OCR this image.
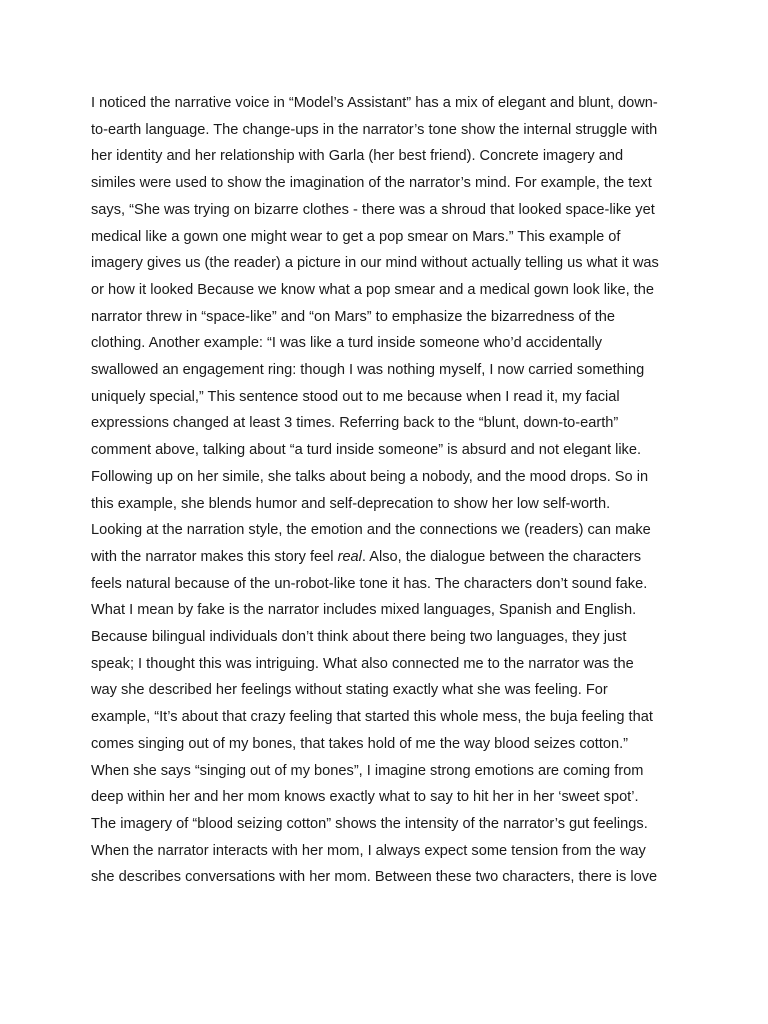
I noticed the narrative voice in “Model’s Assistant” has a mix of elegant and blunt, down-
to-earth language. The change-ups in the narrator’s tone show the internal struggle with
her identity and her relationship with Garla (her best friend). Concrete imagery and
similes were used to show the imagination of the narrator’s mind. For example, the text
says, “She was trying on bizarre clothes - there was a shroud that looked space-like yet
medical like a gown one might wear to get a pop smear on Mars.” This example of
imagery gives us (the reader) a picture in our mind without actually telling us what it was
or how it looked Because we know what a pop smear and a medical gown look like, the
narrator threw in “space-like” and “on Mars” to emphasize the bizarredness of the
clothing. Another example: “I was like a turd inside someone who’d accidentally
swallowed an engagement ring: though I was nothing myself, I now carried something
uniquely special,” This sentence stood out to me because when I read it, my facial
expressions changed at least 3 times. Referring back to the “blunt, down-to-earth”
comment above, talking about “a turd inside someone” is absurd and not elegant like.
Following up on her simile, she talks about being a nobody, and the mood drops. So in
this example, she blends humor and self-deprecation to show her low self-worth.
Looking at the narration style, the emotion and the connections we (readers) can make
with the narrator makes this story feel real. Also, the dialogue between the characters
feels natural because of the un-robot-like tone it has. The characters don’t sound fake.
What I mean by fake is the narrator includes mixed languages, Spanish and English.
Because bilingual individuals don’t think about there being two languages, they just
speak; I thought this was intriguing. What also connected me to the narrator was the
way she described her feelings without stating exactly what she was feeling. For
example, “It’s about that crazy feeling that started this whole mess, the buja feeling that
comes singing out of my bones, that takes hold of me the way blood seizes cotton.”
When she says “singing out of my bones”, I imagine strong emotions are coming from
deep within her and her mom knows exactly what to say to hit her in her ‘sweet spot’.
The imagery of “blood seizing cotton” shows the intensity of the narrator’s gut feelings.
When the narrator interacts with her mom, I always expect some tension from the way
she describes conversations with her mom. Between these two characters, there is love
